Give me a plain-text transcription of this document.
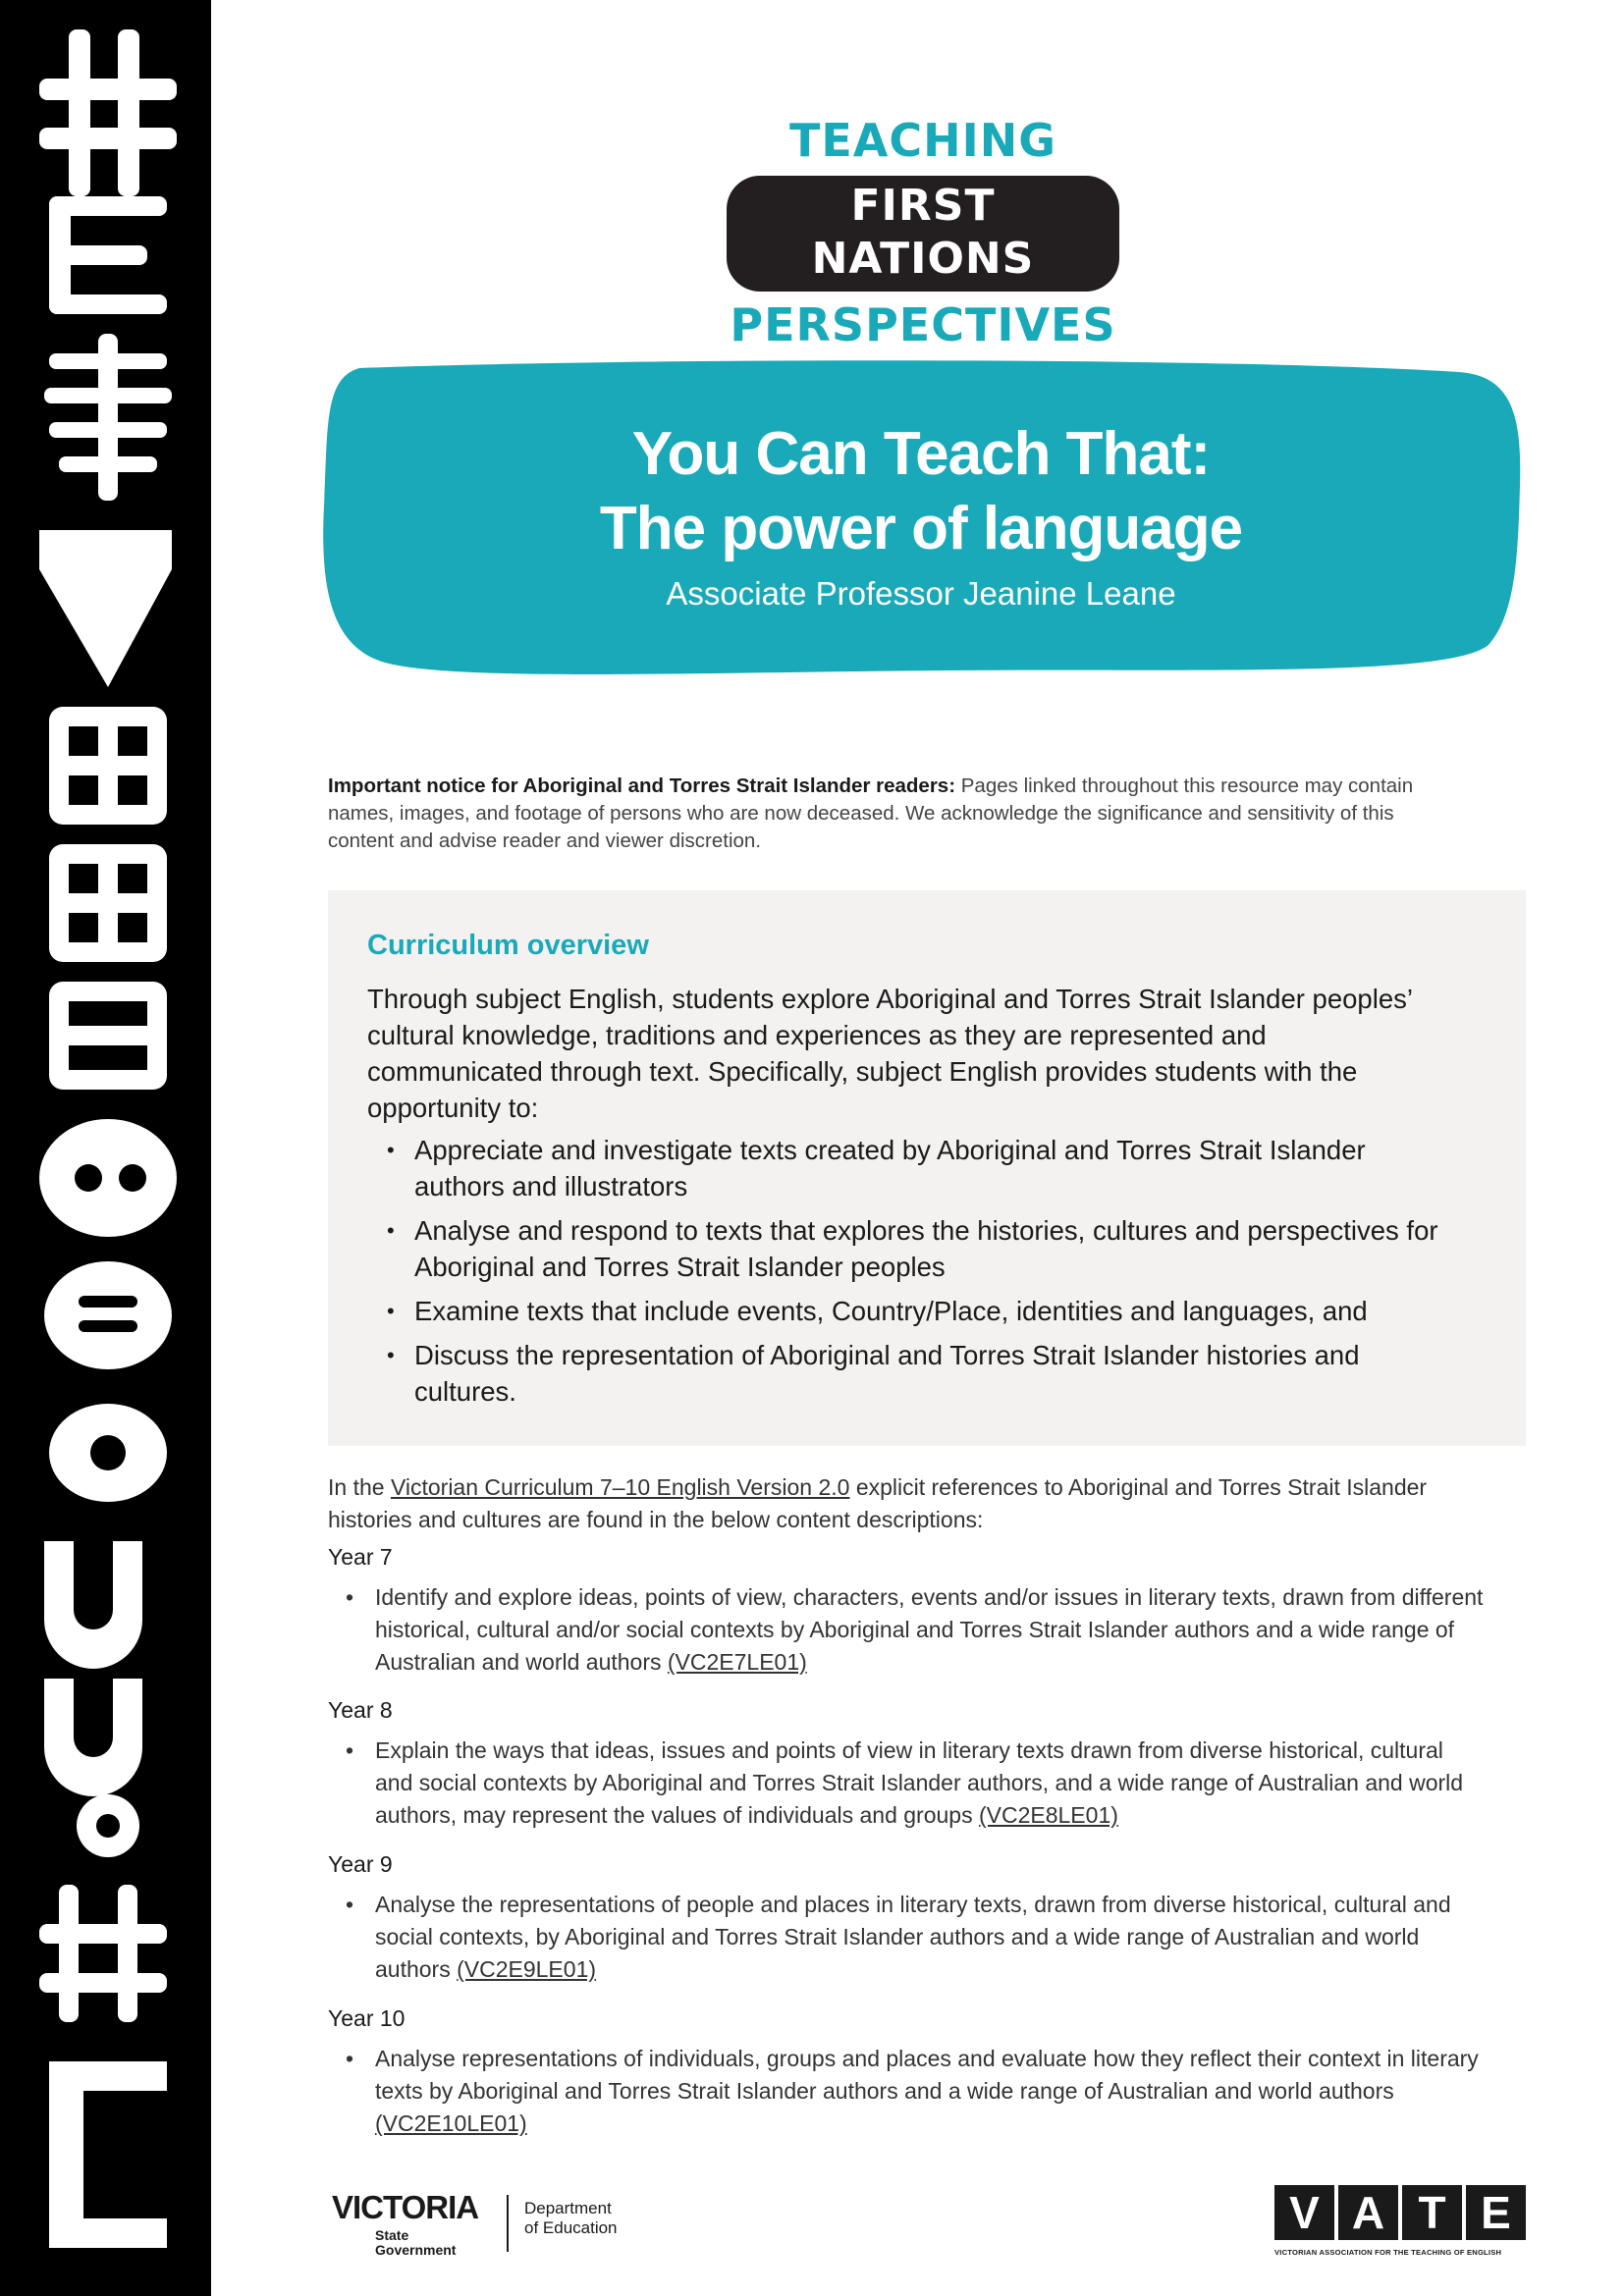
TEACHING
FIRST NATIONS
PERSPECTIVES
You Can Teach That:
The power of language
Associate Professor Jeanine Leane
Important notice for Aboriginal and Torres Strait Islander readers: Pages linked throughout this resource may contain names, images, and footage of persons who are now deceased. We acknowledge the significance and sensitivity of this content and advise reader and viewer discretion.
Curriculum overview

Through subject English, students explore Aboriginal and Torres Strait Islander peoples’ cultural knowledge, traditions and experiences as they are represented and communicated through text. Specifically, subject English provides students with the opportunity to:

• Appreciate and investigate texts created by Aboriginal and Torres Strait Islander authors and illustrators
• Analyse and respond to texts that explores the histories, cultures and perspectives for Aboriginal and Torres Strait Islander peoples
• Examine texts that include events, Country/Place, identities and languages, and
• Discuss the representation of Aboriginal and Torres Strait Islander histories and cultures.
In the Victorian Curriculum 7–10 English Version 2.0 explicit references to Aboriginal and Torres Strait Islander histories and cultures are found in the below content descriptions:
Year 7
• Identify and explore ideas, points of view, characters, events and/or issues in literary texts, drawn from different historical, cultural and/or social contexts by Aboriginal and Torres Strait Islander authors and a wide range of Australian and world authors (VC2E7LE01)
Year 8
• Explain the ways that ideas, issues and points of view in literary texts drawn from diverse historical, cultural and social contexts by Aboriginal and Torres Strait Islander authors, and a wide range of Australian and world authors, may represent the values of individuals and groups (VC2E8LE01)
Year 9
• Analyse the representations of people and places in literary texts, drawn from diverse historical, cultural and social contexts, by Aboriginal and Torres Strait Islander authors and a wide range of Australian and world authors (VC2E9LE01)
Year 10
• Analyse representations of individuals, groups and places and evaluate how they reflect their context in literary texts by Aboriginal and Torres Strait Islander authors and a wide range of Australian and world authors (VC2E10LE01)
VICTORIA
State
Government
Department
of Education	V A T E
VICTORIAN ASSOCIATION FOR THE TEACHING OF ENGLISH
